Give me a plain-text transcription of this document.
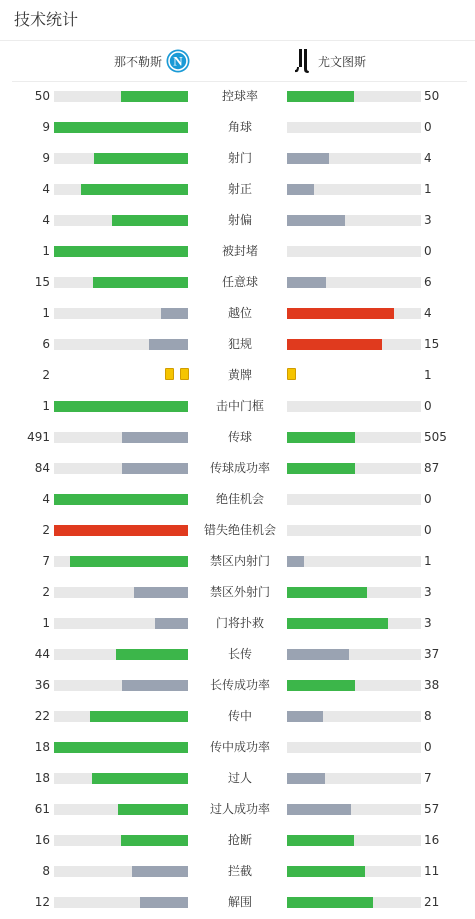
技术统计
那不勒斯 N	尤文图斯
50	控球率	50
9	角球	0
9	射门	4
4	射正	1
4	射偏	3
1	被封堵	0
15	任意球	6
1	越位	4
6	犯规	15
2	黄牌	1
1	击中门框	0
491	传球	505
84	传球成功率	87
4	绝佳机会	0
2	错失绝佳机会	0
7	禁区内射门	1
2	禁区外射门	3
1	门将扑救	3
44	长传	37
36	长传成功率	38
22	传中	8
18	传中成功率	0
18	过人	7
61	过人成功率	57
16	抢断	16
8	拦截	11
12	解围	21
